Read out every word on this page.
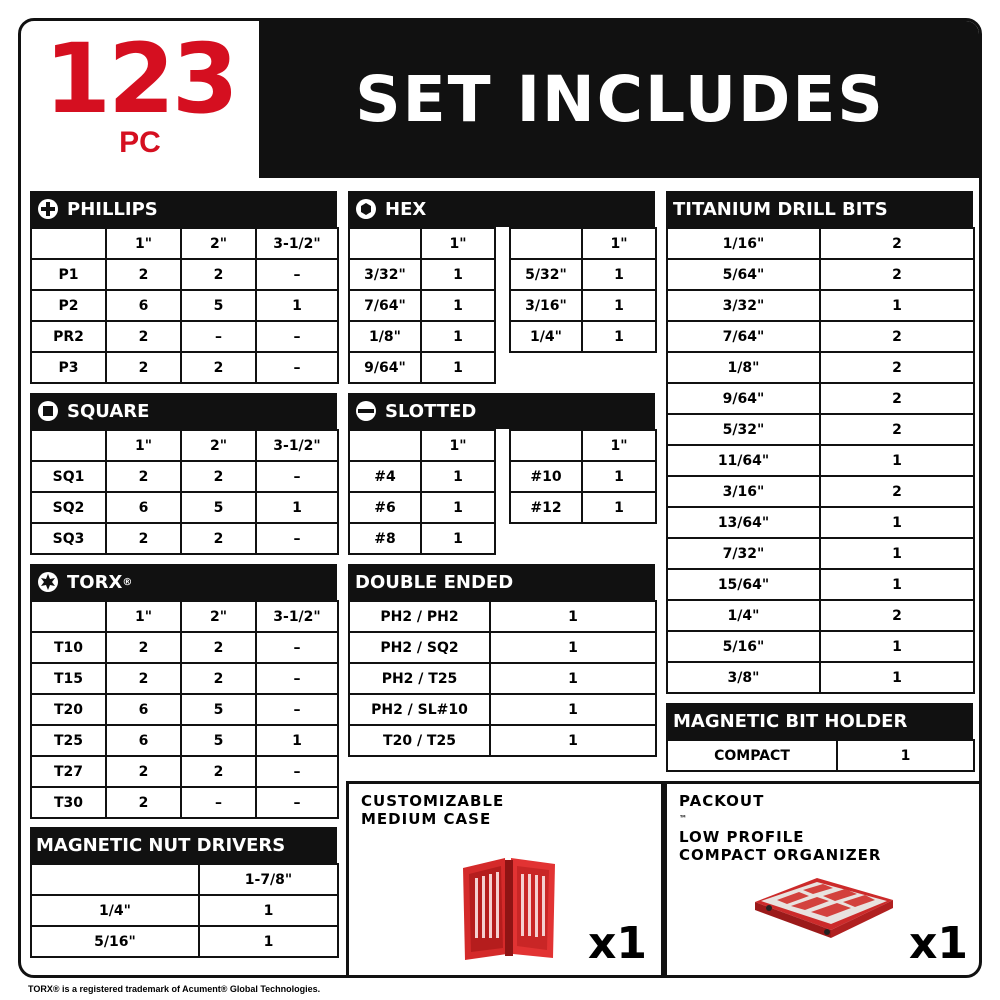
123
PC
SET INCLUDES
PHILLIPS
	1"	2"	3-1/2"
P1	2	2	–
P2	6	5	1
PR2	2	–	–
P3	2	2	–
SQUARE
	1"	2"	3-1/2"
SQ1	2	2	–
SQ2	6	5	1
SQ3	2	2	–
TORX ®
	1"	2"	3-1/2"
T10	2	2	–
T15	2	2	–
T20	6	5	–
T25	6	5	1
T27	2	2	–
T30	2	–	–
MAGNETIC NUT DRIVERS
	1-7/8"
1/4"	1
5/16"	1
HEX
	1"
3/32"	1
7/64"	1
1/8"	1
9/64"	1
	1"
5/32"	1
3/16"	1
1/4"	1
SLOTTED
	1"
#4	1
#6	1
#8	1
	1"
#10	1
#12	1
DOUBLE ENDED
PH2 / PH2	1
PH2 / SQ2	1
PH2 / T25	1
PH2 / SL#10	1
T20 / T25	1
TITANIUM DRILL BITS
1/16"	2
5/64"	2
3/32"	1
7/64"	2
1/8"	2
9/64"	2
5/32"	2
11/64"	1
3/16"	2
13/64"	1
7/32"	1
15/64"	1
1/4"	2
5/16"	1
3/8"	1
MAGNETIC BIT HOLDER
COMPACT	1
CUSTOMIZABLE
MEDIUM CASE
x1
PACKOUT
™
LOW PROFILE
COMPACT ORGANIZER
x1
TORX® is a registered trademark of Acument® Global Technologies.
